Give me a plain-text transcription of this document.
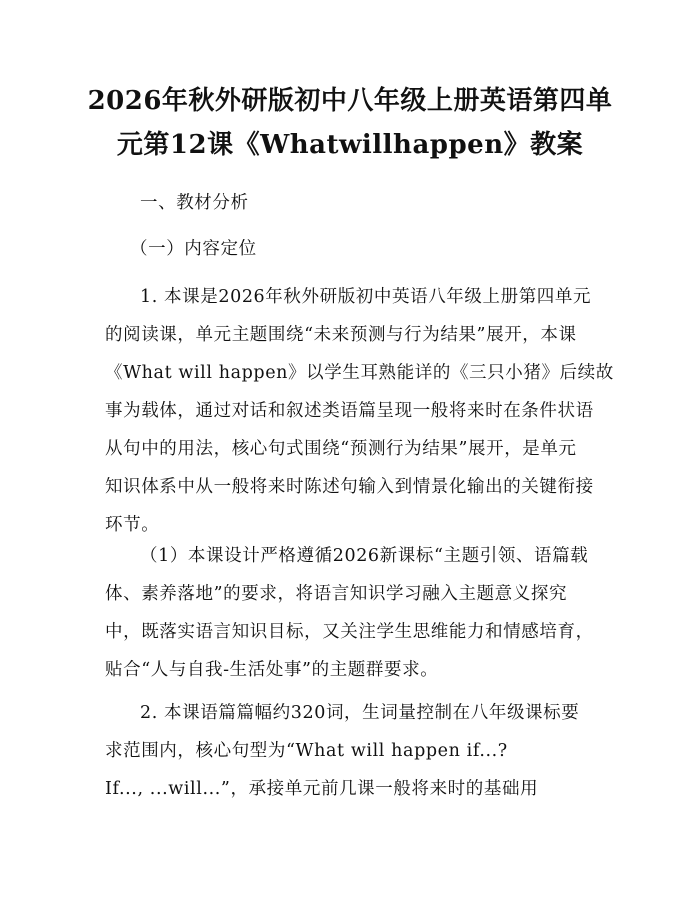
2026年秋外研版初中八年级上册英语第四单
元第12课《Whatwillhappen》教案
一、教材分析
（一）内容定位
1. 本课是2026年秋外研版初中英语八年级上册第四单元
的阅读课，单元主题围绕“未来预测与行为结果”展开，本课
《What will happen》以学生耳熟能详的《三只小猪》后续故
事为载体，通过对话和叙述类语篇呈现一般将来时在条件状语
从句中的用法，核心句式围绕“预测行为结果”展开，是单元
知识体系中从一般将来时陈述句输入到情景化输出的关键衔接
环节。
（1）本课设计严格遵循2026新课标“主题引领、语篇载
体、素养落地”的要求，将语言知识学习融入主题意义探究
中，既落实语言知识目标，又关注学生思维能力和情感培育，
贴合“人与自我-生活处事”的主题群要求。
2. 本课语篇篇幅约320词，生词量控制在八年级课标要
求范围内，核心句型为“What will happen if...?
If..., ...will...”，承接单元前几课一般将来时的基础用
